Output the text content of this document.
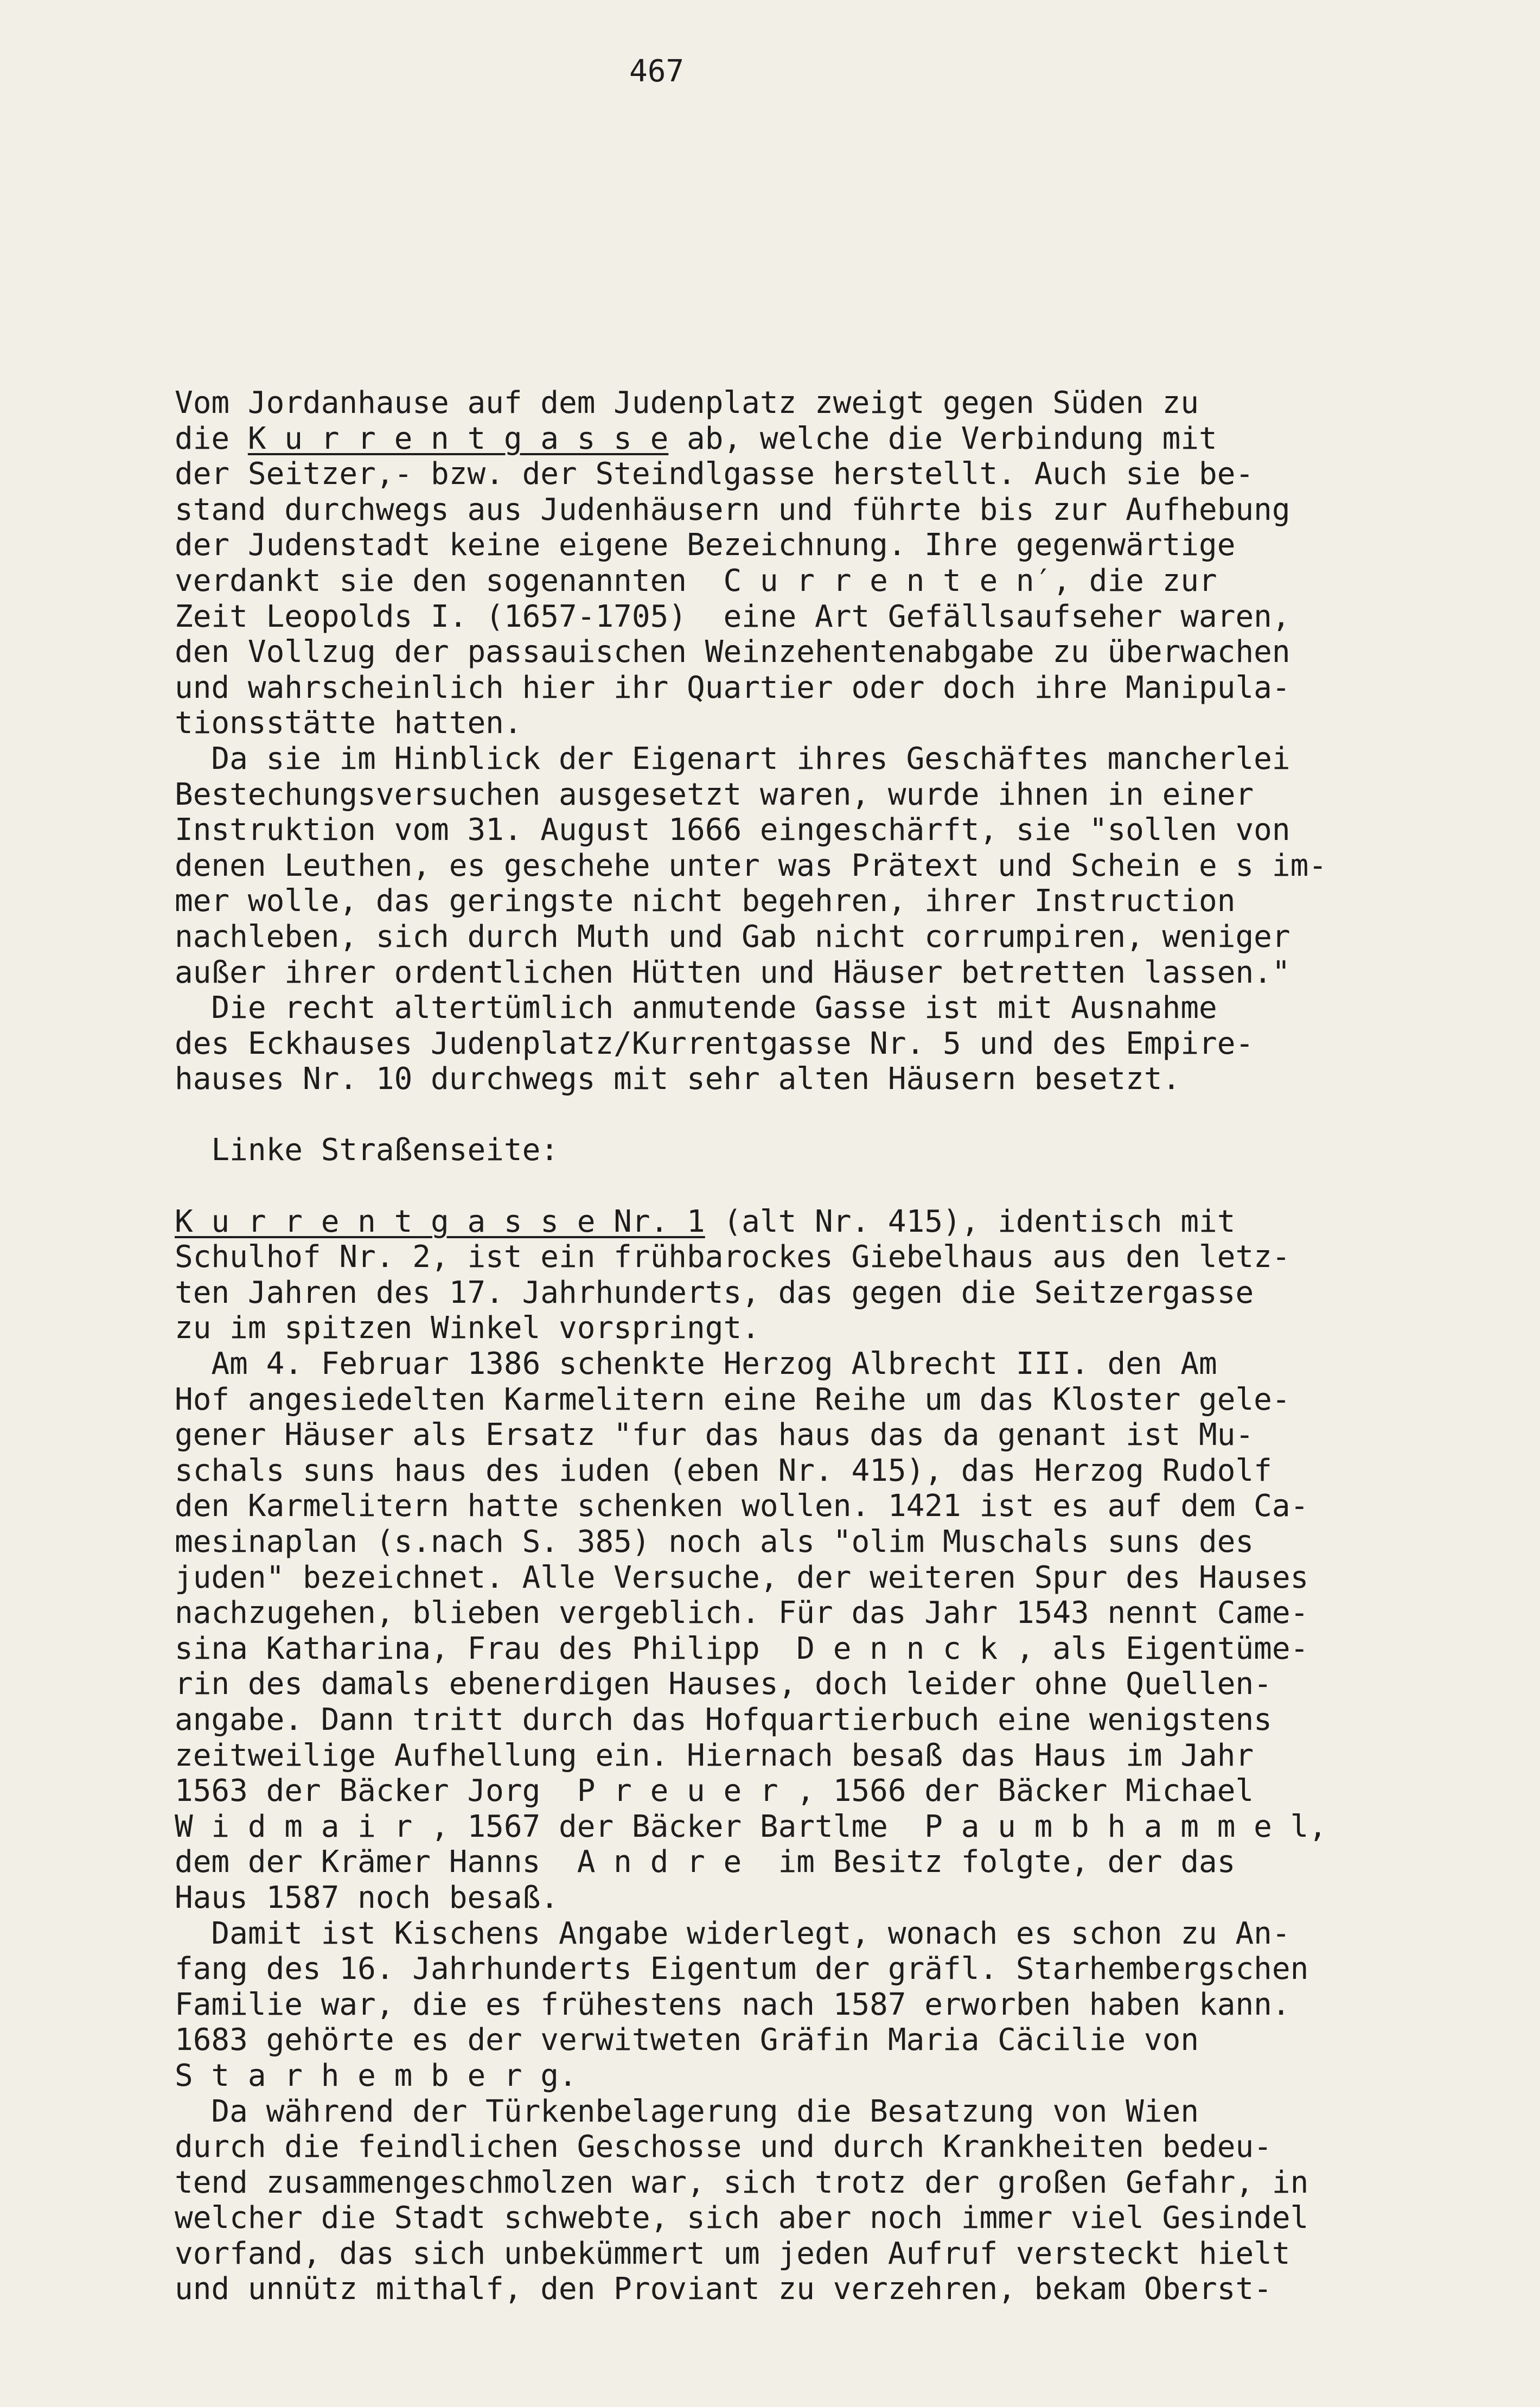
467
Vom Jordanhause auf dem Judenplatz zweigt gegen Süden zu
die K u r r e n t g a s s e ab, welche die Verbindung mit
der Seitzer,- bzw. der Steindlgasse herstellt. Auch sie be-
stand durchwegs aus Judenhäusern und führte bis zur Aufhebung
der Judenstadt keine eigene Bezeichnung. Ihre gegenwärtige
verdankt sie den sogenannten  C u r r e n t e n′, die zur
Zeit Leopolds I. (1657-1705)  eine Art Gefällsaufseher waren,
den Vollzug der passauischen Weinzehentenabgabe zu überwachen
und wahrscheinlich hier ihr Quartier oder doch ihre Manipula-
tionsstätte hatten.
Da sie im Hinblick der Eigenart ihres Geschäftes mancherlei
Bestechungsversuchen ausgesetzt waren, wurde ihnen in einer
Instruktion vom 31. August 1666 eingeschärft, sie "sollen von
denen Leuthen, es geschehe unter was Prätext und Schein e s im-
mer wolle, das geringste nicht begehren, ihrer Instruction
nachleben, sich durch Muth und Gab nicht corrumpiren, weniger
außer ihrer ordentlichen Hütten und Häuser betretten lassen."
Die recht altertümlich anmutende Gasse ist mit Ausnahme
des Eckhauses Judenplatz/Kurrentgasse Nr. 5 und des Empire-
hauses Nr. 10 durchwegs mit sehr alten Häusern besetzt.
Linke Straßenseite:
K u r r e n t g a s s e Nr. 1 (alt Nr. 415), identisch mit
Schulhof Nr. 2, ist ein frühbarockes Giebelhaus aus den letz-
ten Jahren des 17. Jahrhunderts, das gegen die Seitzergasse
zu im spitzen Winkel vorspringt.
Am 4. Februar 1386 schenkte Herzog Albrecht III. den Am
Hof angesiedelten Karmelitern eine Reihe um das Kloster gele-
gener Häuser als Ersatz "fur das haus das da genant ist Mu-
schals suns haus des iuden (eben Nr. 415), das Herzog Rudolf
den Karmelitern hatte schenken wollen. 1421 ist es auf dem Ca-
mesinaplan (s.nach S. 385) noch als "olim Muschals suns des
juden" bezeichnet. Alle Versuche, der weiteren Spur des Hauses
nachzugehen, blieben vergeblich. Für das Jahr 1543 nennt Came-
sina Katharina, Frau des Philipp  D e n n c k , als Eigentüme-
rin des damals ebenerdigen Hauses, doch leider ohne Quellen-
angabe. Dann tritt durch das Hofquartierbuch eine wenigstens
zeitweilige Aufhellung ein. Hiernach besaß das Haus im Jahr
1563 der Bäcker Jorg  P r e u e r , 1566 der Bäcker Michael
W i d m a i r , 1567 der Bäcker Bartlme  P a u m b h a m m e l,
dem der Krämer Hanns  A n d r e  im Besitz folgte, der das
Haus 1587 noch besaß.
Damit ist Kischens Angabe widerlegt, wonach es schon zu An-
fang des 16. Jahrhunderts Eigentum der gräfl. Starhembergschen
Familie war, die es frühestens nach 1587 erworben haben kann.
1683 gehörte es der verwitweten Gräfin Maria Cäcilie von
S t a r h e m b e r g.
Da während der Türkenbelagerung die Besatzung von Wien
durch die feindlichen Geschosse und durch Krankheiten bedeu-
tend zusammengeschmolzen war, sich trotz der großen Gefahr, in
welcher die Stadt schwebte, sich aber noch immer viel Gesindel
vorfand, das sich unbekümmert um jeden Aufruf versteckt hielt
und unnütz mithalf, den Proviant zu verzehren, bekam Oberst-
